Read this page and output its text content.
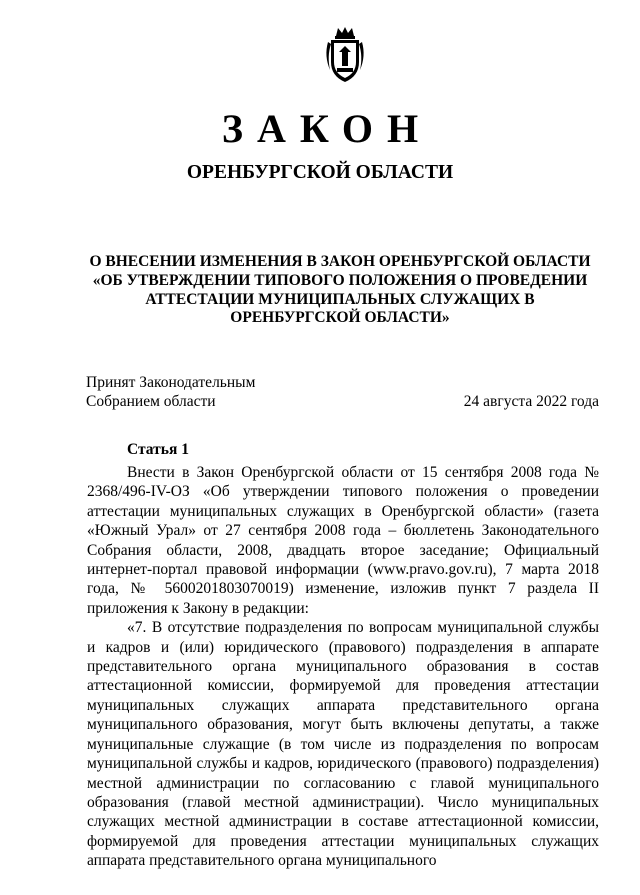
ЗАКОН
ОРЕНБУРГСКОЙ ОБЛАСТИ
О ВНЕСЕНИИ ИЗМЕНЕНИЯ В ЗАКОН ОРЕНБУРГСКОЙ ОБЛАСТИ «ОБ УТВЕРЖДЕНИИ ТИПОВОГО ПОЛОЖЕНИЯ О ПРОВЕДЕНИИ АТТЕСТАЦИИ МУНИЦИПАЛЬНЫХ СЛУЖАЩИХ В ОРЕНБУРГСКОЙ ОБЛАСТИ»
Принят Законодательным
Собранием области	24 августа 2022 года
Статья 1

Внести в Закон Оренбургской области от 15 сентября 2008 года № 2368/496-IV-ОЗ «Об утверждении типового положения о проведении аттестации муниципальных служащих в Оренбургской области» (газета «Южный Урал» от 27 сентября 2008 года – бюллетень Законодательного Собрания области, 2008, двадцать второе заседание; Официальный интернет-портал правовой информации (www.pravo.gov.ru), 7 марта 2018 года, № 5600201803070019) изменение, изложив пункт 7 раздела II приложения к Закону в редакции:

«7. В отсутствие подразделения по вопросам муниципальной службы и кадров и (или) юридического (правового) подразделения в аппарате представительного органа муниципального образования в состав аттестационной комиссии, формируемой для проведения аттестации муниципальных служащих аппарата представительного органа муниципального образования, могут быть включены депутаты, а также муниципальные служащие (в том числе из подразделения по вопросам муниципальной службы и кадров, юридического (правового) подразделения) местной администрации по согласованию с главой муниципального образования (главой местной администрации). Число муниципальных служащих местной администрации в составе аттестационной комиссии, формируемой для проведения аттестации муниципальных служащих аппарата представительного органа муниципального
